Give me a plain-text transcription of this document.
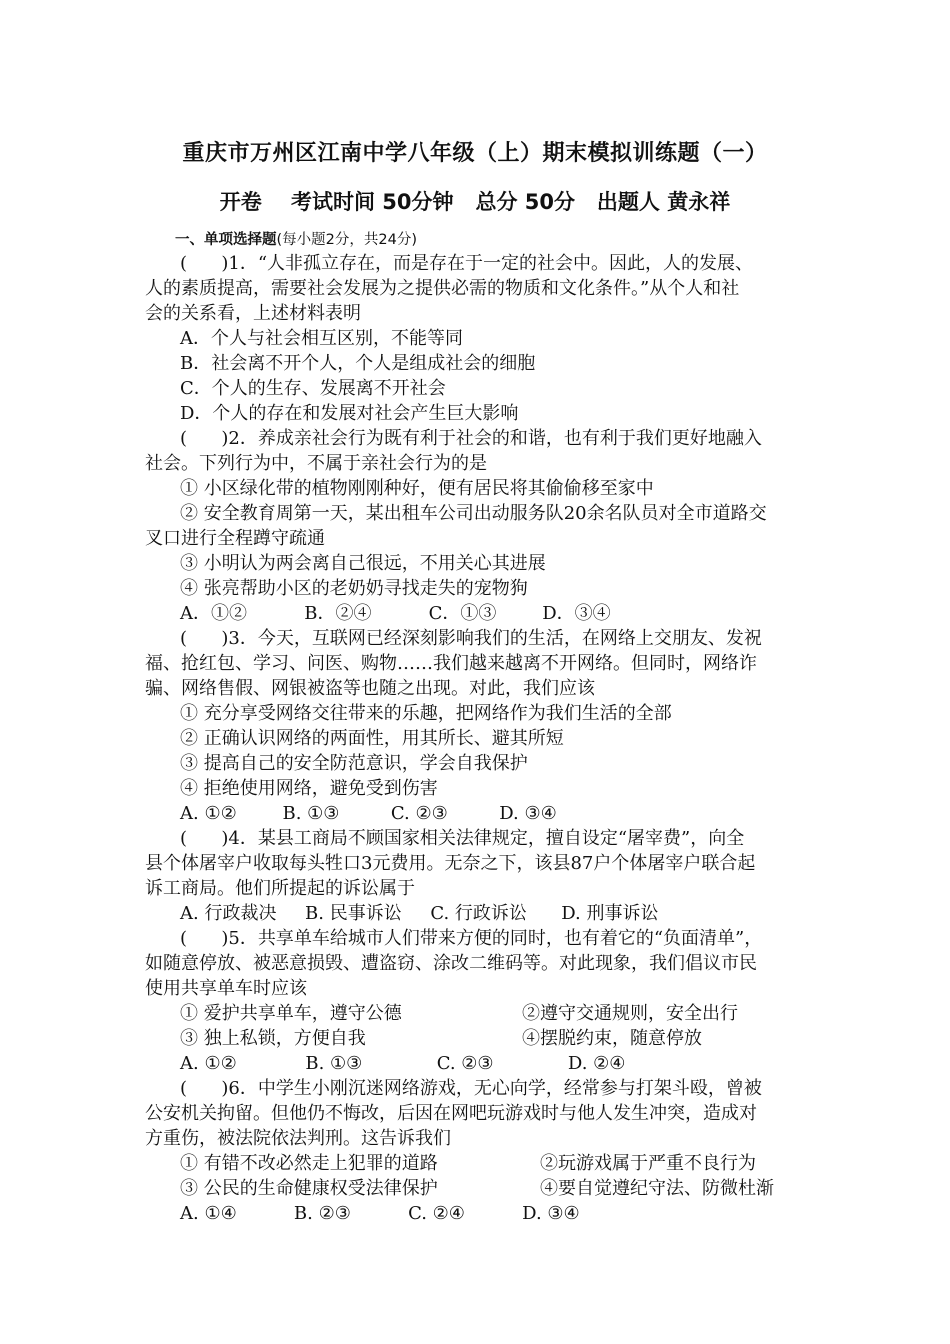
重庆市万州区江南中学八年级（上）期末模拟训练题（一）
开卷    考试时间 50分钟   总分 50分   出题人 黄永祥
一、单项选择题(每小题2分，共24分)
(      )1．“人非孤立存在，而是存在于一定的社会中。因此，人的发展、
人的素质提高，需要社会发展为之提供必需的物质和文化条件。”从个人和社
会的关系看，上述材料表明
A．个人与社会相互区别，不能等同
B．社会离不开个人，个人是组成社会的细胞
C．个人的生存、发展离不开社会
D．个人的存在和发展对社会产生巨大影响
(      )2．养成亲社会行为既有利于社会的和谐，也有利于我们更好地融入
社会。下列行为中，不属于亲社会行为的是
① 小区绿化带的植物刚刚种好，便有居民将其偷偷移至家中
② 安全教育周第一天，某出租车公司出动服务队20余名队员对全市道路交
叉口进行全程蹲守疏通
③ 小明认为两会离自己很远，不用关心其进展
④ 张亮帮助小区的老奶奶寻找走失的宠物狗
A．①②          B．②④          C．①③        D．③④
(      )3．今天，互联网已经深刻影响我们的生活，在网络上交朋友、发祝
福、抢红包、学习、问医、购物……我们越来越离不开网络。但同时，网络诈
骗、网络售假、网银被盗等也随之出现。对此，我们应该
① 充分享受网络交往带来的乐趣，把网络作为我们生活的全部
② 正确认识网络的两面性，用其所长、避其所短
③ 提高自己的安全防范意识，学会自我保护
④ 拒绝使用网络，避免受到伤害
A. ①②        B. ①③         C. ②③         D. ③④
(      )4．某县工商局不顾国家相关法律规定，擅自设定“屠宰费”，向全
县个体屠宰户收取每头牲口3元费用。无奈之下，该县87户个体屠宰户联合起
诉工商局。他们所提起的诉讼属于
A. 行政裁决     B. 民事诉讼     C. 行政诉讼      D. 刑事诉讼
(      )5．共享单车给城市人们带来方便的同时，也有着它的“负面清单”，
如随意停放、被恶意损毁、遭盗窃、涂改二维码等。对此现象，我们倡议市民
使用共享单车时应该
① 爱护共享单车，遵守公德	②遵守交通规则，安全出行
③ 独上私锁，方便自我	④摆脱约束，随意停放
A. ①②            B. ①③             C. ②③             D. ②④
(      )6．中学生小刚沉迷网络游戏，无心向学，经常参与打架斗殴，曾被
公安机关拘留。但他仍不悔改，后因在网吧玩游戏时与他人发生冲突，造成对
方重伤，被法院依法判刑。这告诉我们
① 有错不改必然走上犯罪的道路	②玩游戏属于严重不良行为
③ 公民的生命健康权受法律保护	④要自觉遵纪守法、防微杜渐
A. ①④          B. ②③          C. ②④          D. ③④
